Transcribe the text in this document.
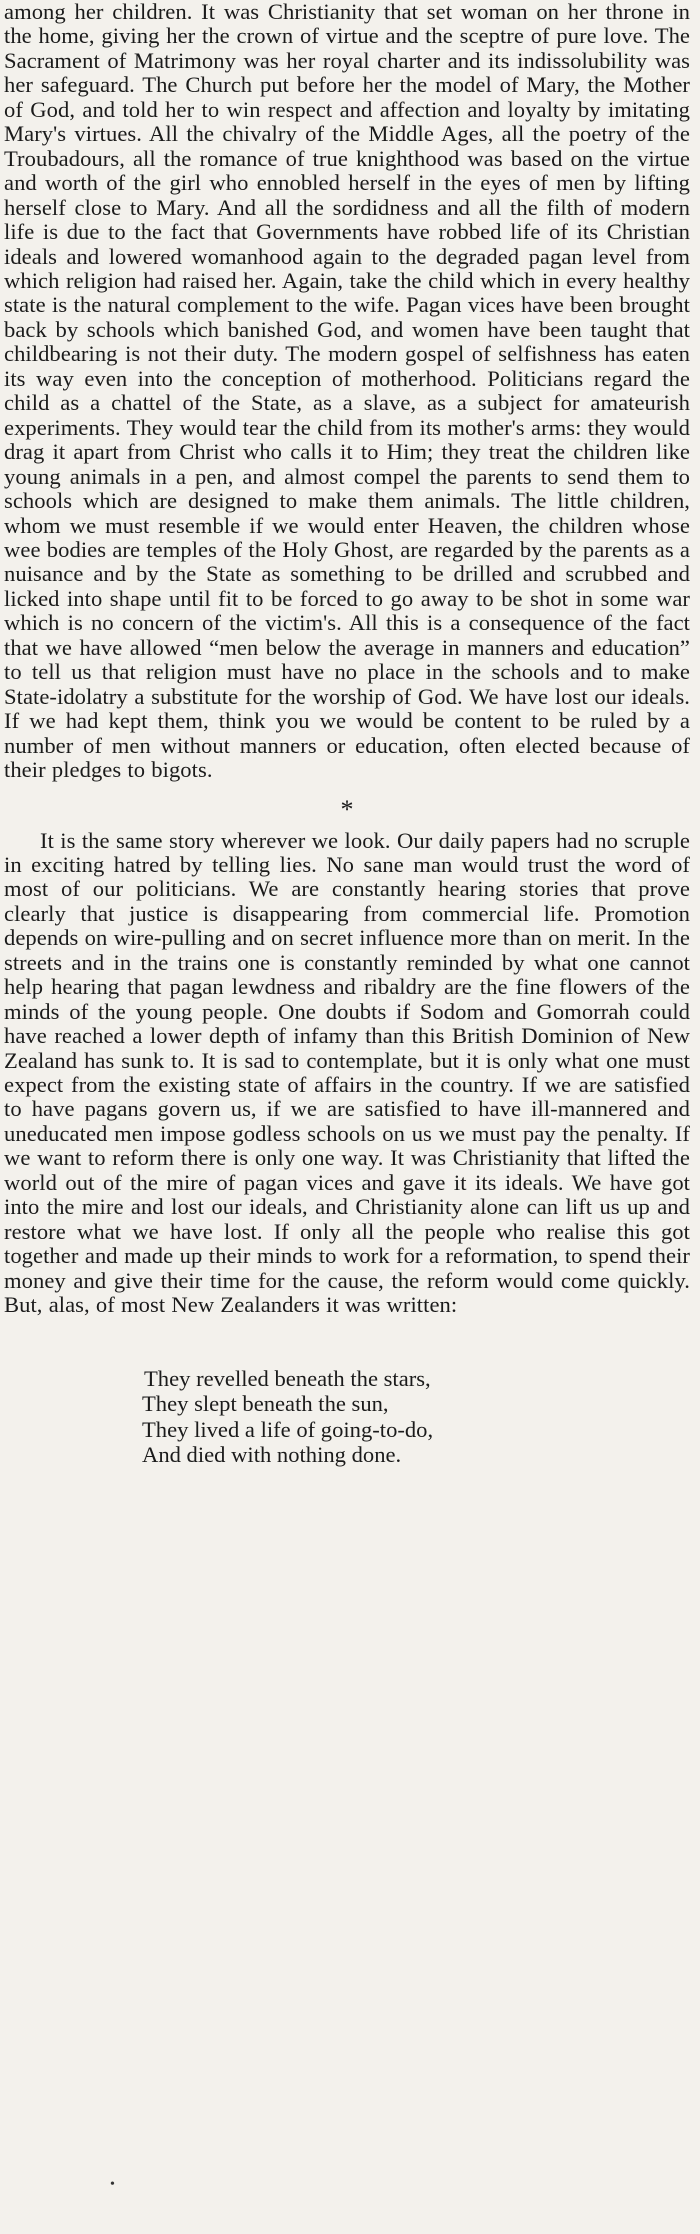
among her children. It was Christianity that set woman on her throne in the home, giving her the crown of virtue and the sceptre of pure love. The Sacrament of Matrimony was her royal charter and its indissolubility was her safeguard. The Church put before her the model of Mary, the Mother of God, and told her to win respect and affection and loyalty by imitating Mary's virtues. All the chivalry of the Middle Ages, all the poetry of the Troubadours, all the romance of true knighthood was based on the virtue and worth of the girl who ennobled herself in the eyes of men by lifting herself close to Mary. And all the sordidness and all the filth of modern life is due to the fact that Governments have robbed life of its Christian ideals and lowered womanhood again to the degraded pagan level from which religion had raised her. Again, take the child which in every healthy state is the natural complement to the wife. Pagan vices have been brought back by schools which banished God, and women have been taught that childbearing is not their duty. The modern gospel of selfishness has eaten its way even into the conception of motherhood. Politicians regard the child as a chattel of the State, as a slave, as a subject for amateurish experiments. They would tear the child from its mother's arms: they would drag it apart from Christ who calls it to Him; they treat the children like young animals in a pen, and almost compel the parents to send them to schools which are designed to make them animals. The little children, whom we must resemble if we would enter Heaven, the children whose wee bodies are temples of the Holy Ghost, are regarded by the parents as a nuisance and by the State as something to be drilled and scrubbed and licked into shape until fit to be forced to go away to be shot in some war which is no concern of the victim's. All this is a consequence of the fact that we have allowed “men below the average in manners and education” to tell us that religion must have no place in the schools and to make State-idolatry a substitute for the worship of God. We have lost our ideals. If we had kept them, think you we would be content to be ruled by a number of men without manners or education, often elected because of their pledges to bigots.

*

It is the same story wherever we look. Our daily papers had no scruple in exciting hatred by telling lies. No sane man would trust the word of most of our politicians. We are constantly hearing stories that prove clearly that justice is disappearing from commercial life. Promotion depends on wire-pulling and on secret influence more than on merit. In the streets and in the trains one is constantly reminded by what one cannot help hearing that pagan lewdness and ribaldry are the fine flowers of the minds of the young people. One doubts if Sodom and Gomorrah could have reached a lower depth of infamy than this British Dominion of New Zealand has sunk to. It is sad to contemplate, but it is only what one must expect from the existing state of affairs in the country. If we are satisfied to have pagans govern us, if we are satisfied to have ill-mannered and uneducated men impose godless schools on us we must pay the penalty. If we want to reform there is only one way. It was Christianity that lifted the world out of the mire of pagan vices and gave it its ideals. We have got into the mire and lost our ideals, and Christianity alone can lift us up and restore what we have lost. If only all the people who realise this got together and made up their minds to work for a reformation, to spend their money and give their time for the cause, the reform would come quickly. But, alas, of most New Zealanders it was written:

They revelled beneath the stars,
They slept beneath the sun,
They lived a life of going-to-do,
And died with nothing done.
•
